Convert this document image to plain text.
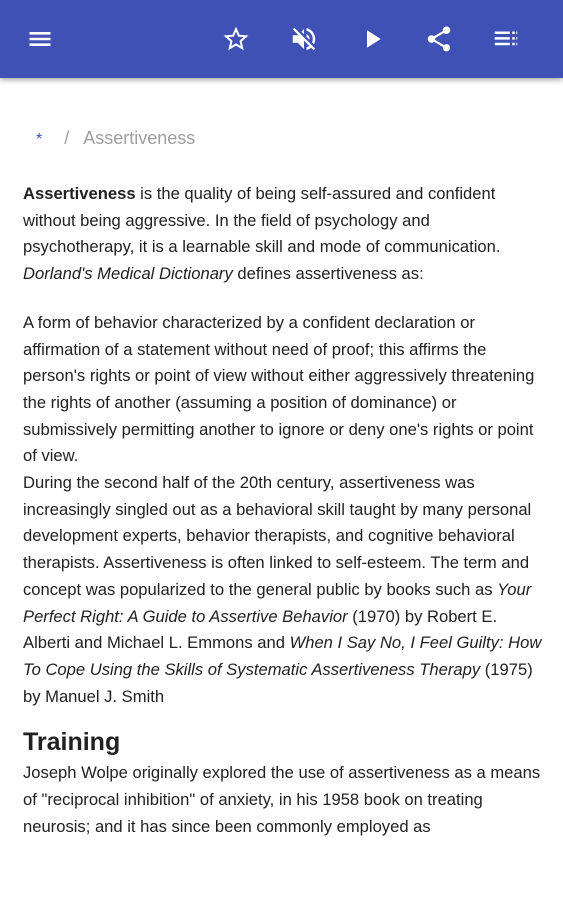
* / Assertiveness

Assertiveness is the quality of being self-assured and confident without being aggressive. In the field of psychology and psychotherapy, it is a learnable skill and mode of communication. Dorland's Medical Dictionary defines assertiveness as:

A form of behavior characterized by a confident declaration or affirmation of a statement without need of proof; this affirms the person's rights or point of view without either aggressively threatening the rights of another (assuming a position of dominance) or submissively permitting another to ignore or deny one's rights or point of view.

During the second half of the 20th century, assertiveness was increasingly singled out as a behavioral skill taught by many personal development experts, behavior therapists, and cognitive behavioral therapists. Assertiveness is often linked to self-esteem. The term and concept was popularized to the general public by books such as Your Perfect Right: A Guide to Assertive Behavior (1970) by Robert E. Alberti and Michael L. Emmons and When I Say No, I Feel Guilty: How To Cope Using the Skills of Systematic Assertiveness Therapy (1975) by Manuel J. Smith

Training

Joseph Wolpe originally explored the use of assertiveness as a means of "reciprocal inhibition" of anxiety, in his 1958 book on treating neurosis; and it has since been commonly employed as
